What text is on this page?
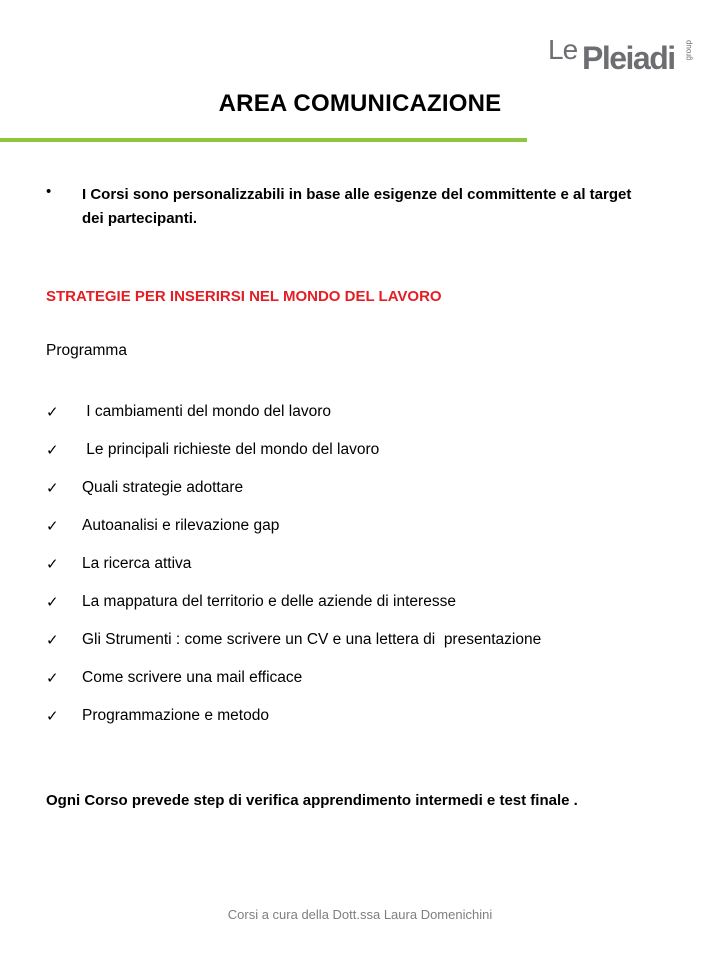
Le Pleiadi group
AREA COMUNICAZIONE
• I Corsi sono personalizzabili in base alle esigenze del committente e al target dei partecipanti.
STRATEGIE PER INSERIRSI NEL MONDO DEL LAVORO
Programma
✓ I cambiamenti del mondo del lavoro
✓ Le principali richieste del mondo del lavoro
✓ Quali strategie adottare
✓ Autoanalisi e rilevazione gap
✓ La ricerca attiva
✓ La mappatura del territorio e delle aziende di interesse
✓ Gli Strumenti : come scrivere un CV e una lettera di  presentazione
✓ Come scrivere una mail efficace
✓ Programmazione e metodo
Ogni Corso prevede step di verifica apprendimento intermedi e test finale .
Corsi a cura della Dott.ssa Laura Domenichini
